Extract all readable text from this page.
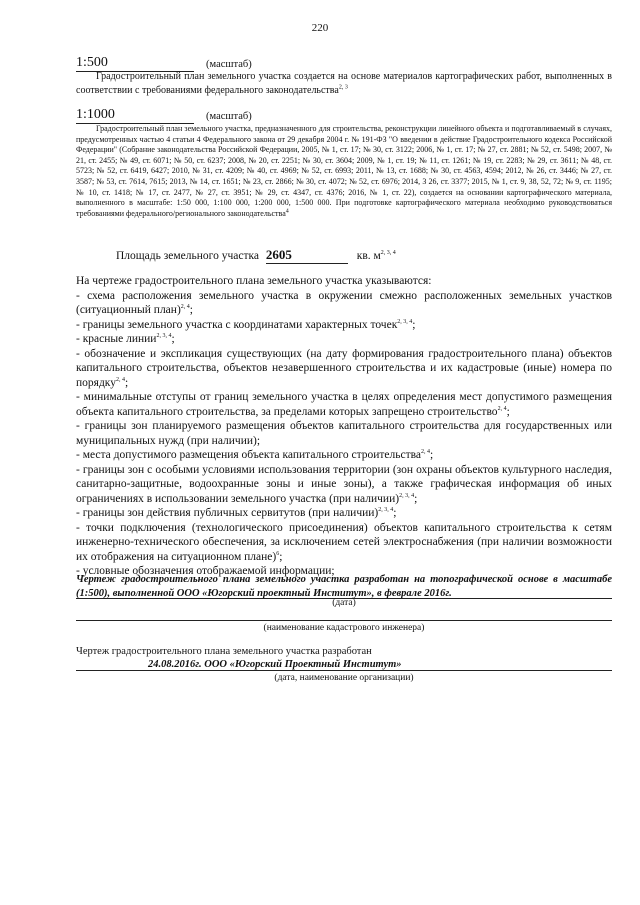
220
1:500	(масштаб)
Градостроительный план земельного участка создается на основе материалов картографических работ, выполненных в соответствии с требованиями федерального законодательства$^{2, 3}$
1:1000	(масштаб)
Градостроительный план земельного участка, предназначенного для строительства, реконструкции линейного объекта и подготавливаемый в случаях, предусмотренных частью 4 статьи 4 Федерального закона от 29 декабря 2004 г. № 191-ФЗ "О введении в действие Градостроительного кодекса Российской Федерации" (Собрание законодательства Российской Федерации, 2005, № 1, ст. 17; № 30, ст. 3122; 2006, № 1, ст. 17; № 27, ст. 2881; № 52, ст. 5498; 2007, № 21, ст. 2455; № 49, ст. 6071; № 50, ст. 6237; 2008, № 20, ст. 2251; № 30, ст. 3604; 2009, № 1, ст. 19; № 11, ст. 1261; № 19, ст. 2283; № 29, ст. 3611; № 48, ст. 5723; № 52, ст. 6419, 6427; 2010, № 31, ст. 4209; № 40, ст. 4969; № 52, ст. 6993; 2011, № 13, ст. 1688; № 30, ст. 4563, 4594; 2012, № 26, ст. 3446; № 27, ст. 3587; № 53, ст. 7614, 7615; 2013, № 14, ст. 1651; № 23, ст. 2866; № 30, ст. 4072; № 52, ст. 6976; 2014, 3 26, ст. 3377; 2015, № 1, ст. 9, 38, 52, 72; № 9, ст. 1195; № 10, ст. 1418; № 17, ст. 2477, № 27, ст. 3951; № 29, ст. 4347, ст. 4376; 2016, № 1, ст. 22), создается на основании картографического материала, выполненного в масштабе: 1:50 000, 1:100 000, 1:200 000, 1:500 000. При подготовке картографического материала необходимо руководствоваться требованиями федерального/регионального законодательства$^4$
Площадь земельного участка 2605	кв. $м^{2, 3, 4}$
На чертеже градостроительного плана земельного участка указываются:
- схема расположения земельного участка в окружении смежно расположенных земельных участков (ситуационный план)$^{2, 4}$;
- границы земельного участка с координатами характерных точек$^{2, 3, 4}$;
- красные линии$^{2, 3, 4}$;
- обозначение и экспликация существующих (на дату формирования градостроительного плана) объектов капитального строительства, объектов незавершенного строительства и их кадастровые (иные) номера по порядку$^{2, 4}$;
- минимальные отступы от границ земельного участка в целях определения мест допустимого размещения объекта капитального строительства, за пределами которых запрещено строительство$^{2, 4}$;
- границы зон планируемого размещения объектов капитального строительства для государственных или муниципальных нужд (при наличии);
- места допустимого размещения объекта капитального строительства$^{2, 4}$;
- границы зон с особыми условиями использования территории (зон охраны объектов культурного наследия, санитарно-защитные, водоохранные зоны и иные зоны), а также графическая информация об иных ограничениях в использовании земельного участка (при наличии)$^{2, 3, 4}$;
- границы зон действия публичных сервитутов (при наличии)$^{2, 3, 4}$;
- точки подключения (технологического присоединения) объектов капитального строительства к сетям инженерно-технического обеспечения, за исключением сетей электроснабжения (при наличии возможности их отображения на ситуационном плане)$^6$;
- условные обозначения отображаемой информации;
Чертеж градостроительного плана земельного участка разработан на топографической основе в масштабе (1:500), выполненной ООО «Югорский проектный Институт», в феврале 2016г.
(дата)
(наименование кадастрового инженера)
Чертеж градостроительного плана земельного участка разработан
24.08.2016г. ООО «Югорский Проектный Институт»
(дата, наименование организации)
